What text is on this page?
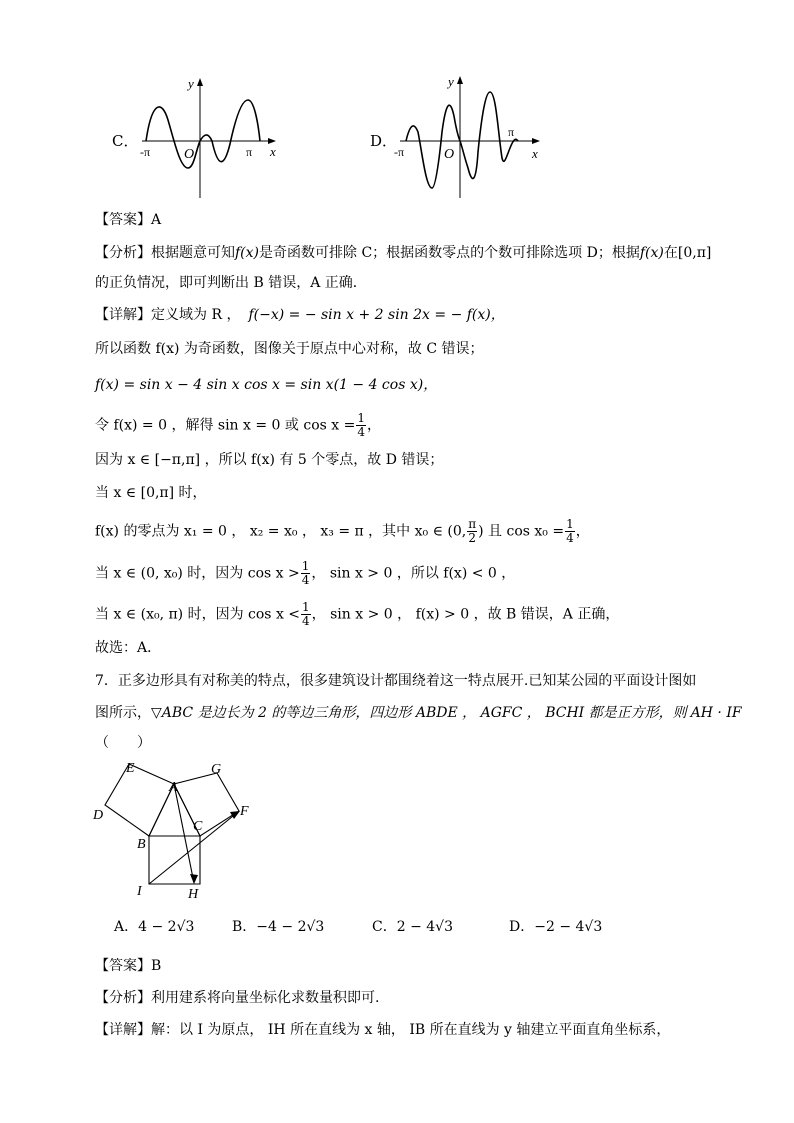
C．
-π O	π x
y
D．
-π	O
π
x
y
【答案】A
【分析】根据题意可知f(x)是奇函数可排除 C；根据函数零点的个数可排除选项 D；根据f(x)在[0,π]
的正负情况，即可判断出 B 错误，A 正确．
【详解】定义域为 R ， f(−x) = − sin x + 2 sin 2x = − f(x)，
所以函数 f(x) 为奇函数，图像关于原点中心对称，故 C 错误；
f(x) = sin x − 4 sin x cos x = sin x(1 − 4 cos x)，
令 f(x) = 0 ，解得 sin x = 0 或 $\cos x = \frac{1}{4}$ ，
因为 x ∈ [−π,π] ，所以 f(x) 有 5 个零点，故 D 错误；
当 x ∈ [0,π] 时，
f(x) 的零点为 x₁ = 0 ， x₂ = x₀ ， x₃ = π ，其中 x₀ ∈ (0, $\frac{\pi}{2}$ ) 且 $\cos x_0 = \frac{1}{4}$ ，
当 x ∈ (0, x₀) 时，因为 $\cos x > \frac{1}{4}$ ， sin x > 0 ，所以 f(x) < 0 ，
当 x ∈ (x₀, π) 时，因为 $\cos x < \frac{1}{4}$ ， sin x > 0 ， f(x) > 0 ，故 B 错误，A 正确，
故选：A．
7．正多边形具有对称美的特点，很多建筑设计都围绕着这一特点展开.已知某公园的平面设计图如
图所示，▽ABC 是边长为 2 的等边三角形，四边形 ABDE ， AGFC ， BCHI 都是正方形，则 AH · IF
（　　）
E
A
G
D	F
C
B
I	H
A．4 − 2√3	B．−4 − 2√3	C．2 − 4√3	D．−2 − 4√3
【答案】B
【分析】利用建系将向量坐标化求数量积即可.
【详解】解：以 I 为原点， IH 所在直线为 x 轴， IB 所在直线为 y 轴建立平面直角坐标系，
